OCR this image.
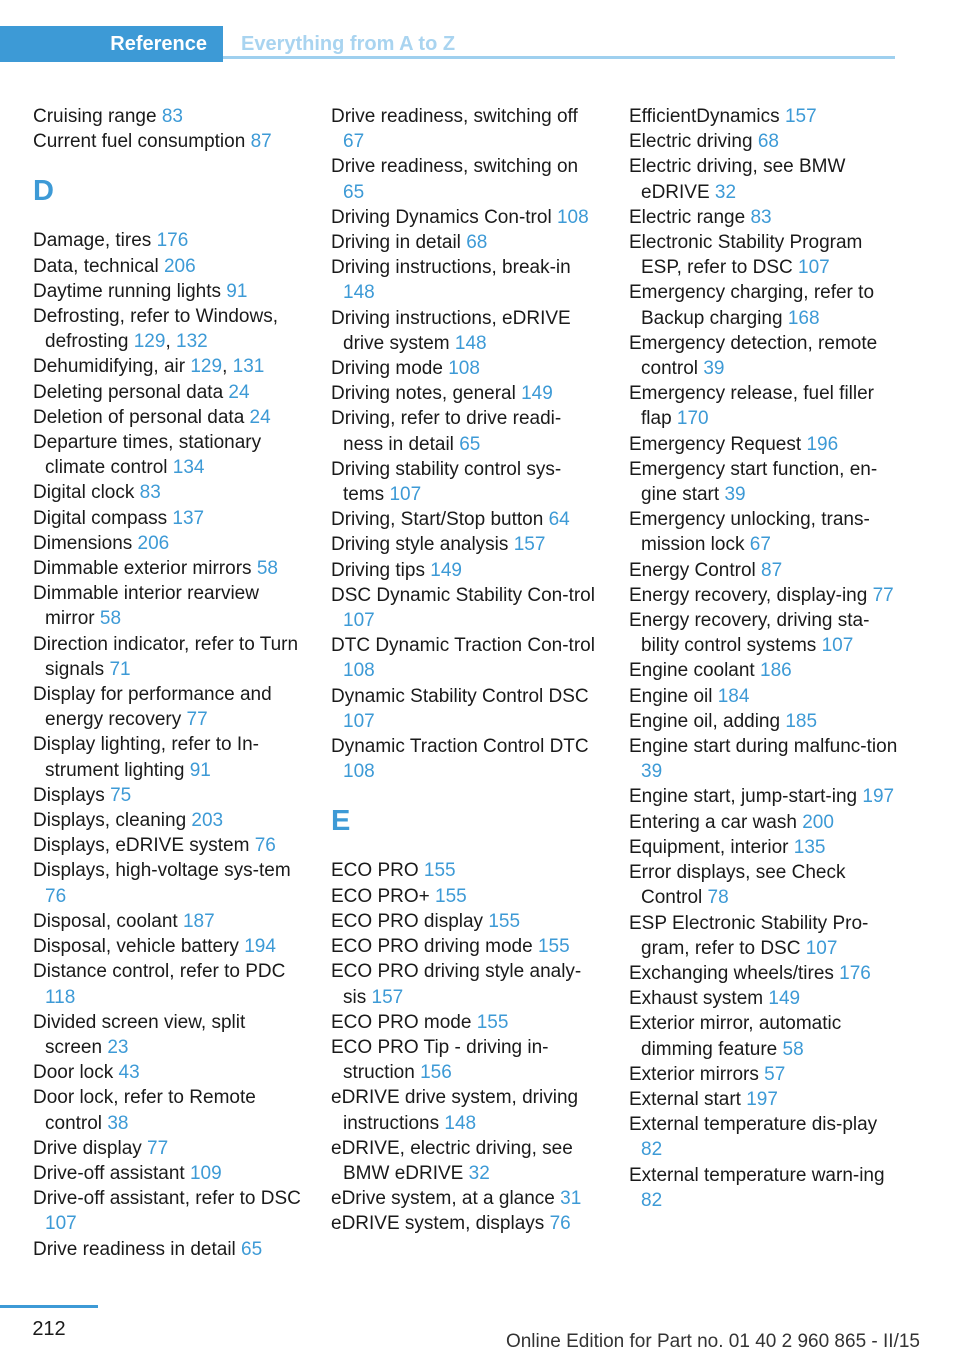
Reference	Everything from A to Z
Cruising range 83
Current fuel consumption 87
D
Damage, tires 176
Data, technical 206
Daytime running lights 91
Defrosting, refer to Windows, defrosting 129, 132
Dehumidifying, air 129, 131
Deleting personal data 24
Deletion of personal data 24
Departure times, stationary climate control 134
Digital clock 83
Digital compass 137
Dimensions 206
Dimmable exterior mirrors 58
Dimmable interior rearview mirror 58
Direction indicator, refer to Turn signals 71
Display for performance and energy recovery 77
Display lighting, refer to In‐strument lighting 91
Displays 75
Displays, cleaning 203
Displays, eDRIVE system 76
Displays, high-voltage sys‐tem 76
Disposal, coolant 187
Disposal, vehicle battery 194
Distance control, refer to PDC 118
Divided screen view, split screen 23
Door lock 43
Door lock, refer to Remote control 38
Drive display 77
Drive-off assistant 109
Drive-off assistant, refer to DSC 107
Drive readiness in detail 65
Drive readiness, switching off 67
Drive readiness, switching on 65
Driving Dynamics Con‐trol 108
Driving in detail 68
Driving instructions, break-in 148
Driving instructions, eDRIVE drive system 148
Driving mode 108
Driving notes, general 149
Driving, refer to drive readi‐ness in detail 65
Driving stability control sys‐tems 107
Driving, Start/Stop button 64
Driving style analysis 157
Driving tips 149
DSC Dynamic Stability Con‐trol 107
DTC Dynamic Traction Con‐trol 108
Dynamic Stability Control DSC 107
Dynamic Traction Control DTC 108
E
ECO PRO 155
ECO PRO+ 155
ECO PRO display 155
ECO PRO driving mode 155
ECO PRO driving style analy‐sis 157
ECO PRO mode 155
ECO PRO Tip - driving in‐struction 156
eDRIVE drive system, driving instructions 148
eDRIVE, electric driving, see BMW eDRIVE 32
eDrive system, at a glance 31
eDRIVE system, displays 76
EfficientDynamics 157
Electric driving 68
Electric driving, see BMW eDRIVE 32
Electric range 83
Electronic Stability Program ESP, refer to DSC 107
Emergency charging, refer to Backup charging 168
Emergency detection, remote control 39
Emergency release, fuel filler flap 170
Emergency Request 196
Emergency start function, en‐gine start 39
Emergency unlocking, trans‐mission lock 67
Energy Control 87
Energy recovery, display‐ing 77
Energy recovery, driving sta‐bility control systems 107
Engine coolant 186
Engine oil 184
Engine oil, adding 185
Engine start during malfunc‐tion 39
Engine start, jump-start‐ing 197
Entering a car wash 200
Equipment, interior 135
Error displays, see Check Control 78
ESP Electronic Stability Pro‐gram, refer to DSC 107
Exchanging wheels/tires 176
Exhaust system 149
Exterior mirror, automatic dimming feature 58
Exterior mirrors 57
External start 197
External temperature dis‐play 82
External temperature warn‐ing 82
212
Online Edition for Part no. 01 40 2 960 865 - II/15
